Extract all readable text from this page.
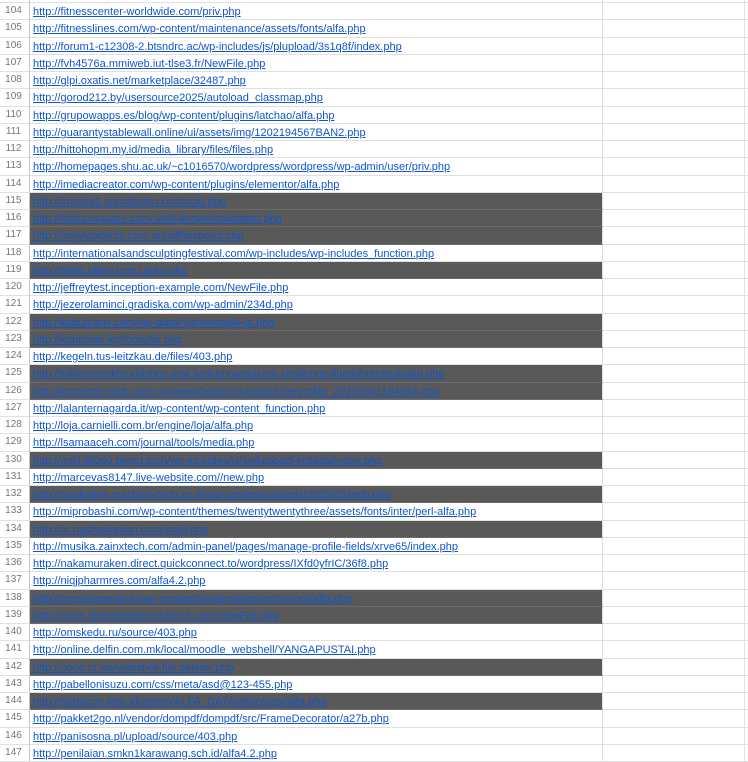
104	http://fitnesscenter-worldwide.com/priv.php
105	http://fitnesslines.com/wp-content/maintenance/assets/fonts/alfa.php
106	http://forum1-c12308-2.btsndrc.ac/wp-includes/js/plupload/3s1q8f/index.php
107	http://fvh4576a.mmiweb.iut-tlse3.fr/NewFile.php
108	http://glpi.oxatis.net/marketplace/32487.php
109	http://gorod212.by/usersource2025/autoload_classmap.php
110	http://grupowapps.es/blog/wp-content/plugins/latchao/alfa.php
111	http://guarantystablewall.online/ui/assets/img/1202194567BAN2.php
112	http://hittohopm.my.id/media_library/files/files.php
113	http://homepages.shu.ac.uk/~c1016570/wordpress/wordpress/wp-admin/user/priv.php
114	http://imediacreator.com/wp-content/plugins/elementor/alfa.php
115	http://imizpia2.gamdesign.kr/stmcld.php
116	http://infotaxsquare.com/.well-known/validation.php
117	http://instyleagents.com.au/alflitespeed.php
118	http://internationalsandsculptingfestival.com/wp-includes/wp-includes_function.php
119	http://itwiki.ulibrv.com.ua/lip.php
120	http://jeffreytest.inception-example.com/NewFile.php
121	http://jezerolaminci.gradiska.com/wp-admin/234d.php
122	http://kabultrans.com/wp-admin/js/example-js.php
123	http://kantslate.kg/fonts/fai.php
124	http://kegeln.tus-leitzkau.de/files/403.php
125	http://kikikogelnikfoundation.org/.well-known/acme-challenge/lihatlahdanbukalah.php
126	http://kmportal.mtdc.com.my/www/admin/uploads/userprofile_20250501184554.php
127	http://lalanternagarda.it/wp-content/wp-content_function.php
128	http://loja.carnielli.com.br/engine/loja/alfa.php
129	http://lsamaaceh.com/journal/tools/media.php
130	http://m91380q0.beget.tech/wp-includes/js/swfupload/4e8adu/index.php
131	http://marcevas8147.live-website.com//new.php
132	http://marketing.machine-tech.co.th/wp-content/uploads/2025/03/web.php
133	http://miprobashi.com/wp-content/themes/twentytwentythree/assets/fonts/inter/perl-alfa.php
134	http://m.medyailanlari.com/shell.php
135	http://musika.zainxtech.com/admin-panel/pages/manage-profile-fields/xrve65/index.php
136	http://nakamuraken.direct.quickconnect.to/wordpress/IXfd0yfrIC/36f8.php
137	http://niqjpharmres.com/alfa4.2.php
138	http://nrequipments.in/wp-content/plugins/elementor/core/alfa.php
139	http://nurin.shamostechsolutions.com/NewFile.php
140	http://omskedu.ru/source/403.php
141	http://online.delfin.com.mk/local/moodle_webshell/YANGAPUSTAI.php
142	http://oooo.ct.ws/webshell.file.deleter.php
143	http://pabellonisuzu.com/css/meta/asd@123-455.php
144	http://pabxcctv.web.id/admin/ALFA_DATA/alfacgiapi/alfa.php
145	http://pakket2go.nl/vendor/dompdf/dompdf/src/FrameDecorator/a27b.php
146	http://panisosna.pl/upload/source/403.php
147	http://penilaian.smkn1karawang.sch.id/alfa4.2.php
